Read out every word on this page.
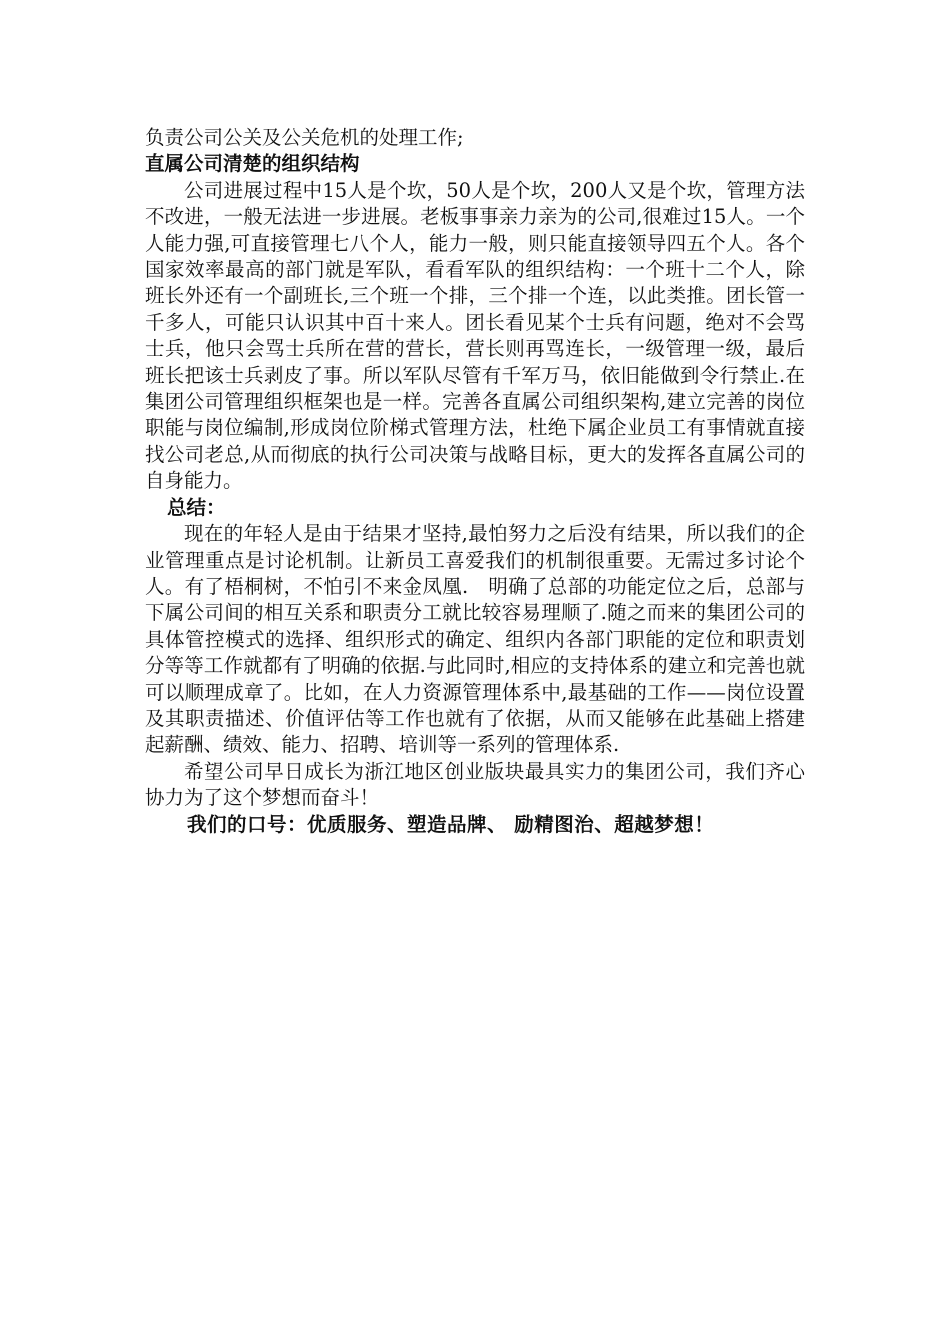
负责公司公关及公关危机的处理工作;

直属公司清楚的组织结构

公司进展过程中15人是个坎，50人是个坎，200人又是个坎，管理方法不改进，一般无法进一步进展。老板事事亲力亲为的公司,很难过15人。一个人能力强,可直接管理七八个人，能力一般，则只能直接领导四五个人。各个国家效率最高的部门就是军队，看看军队的组织结构：一个班十二个人，除班长外还有一个副班长,三个班一个排，三个排一个连，以此类推。团长管一千多人，可能只认识其中百十来人。团长看见某个士兵有问题，绝对不会骂士兵，他只会骂士兵所在营的营长，营长则再骂连长，一级管理一级，最后班长把该士兵剥皮了事。所以军队尽管有千军万马，依旧能做到令行禁止.在集团公司管理组织框架也是一样。完善各直属公司组织架构,建立完善的岗位职能与岗位编制,形成岗位阶梯式管理方法，杜绝下属企业员工有事情就直接找公司老总,从而彻底的执行公司决策与战略目标，更大的发挥各直属公司的自身能力。

总结：

现在的年轻人是由于结果才坚持,最怕努力之后没有结果，所以我们的企业管理重点是讨论机制。让新员工喜爱我们的机制很重要。无需过多讨论个人。有了梧桐树，不怕引不来金凤凰.　明确了总部的功能定位之后，总部与下属公司间的相互关系和职责分工就比较容易理顺了.随之而来的集团公司的具体管控模式的选择、组织形式的确定、组织内各部门职能的定位和职责划分等等工作就都有了明确的依据.与此同时,相应的支持体系的建立和完善也就可以顺理成章了。比如，在人力资源管理体系中,最基础的工作——岗位设置及其职责描述、价值评估等工作也就有了依据，从而又能够在此基础上搭建起薪酬、绩效、能力、招聘、培训等一系列的管理体系.

希望公司早日成长为浙江地区创业版块最具实力的集团公司，我们齐心协力为了这个梦想而奋斗！

我们的口号：优质服务、塑造品牌、 励精图治、超越梦想！
